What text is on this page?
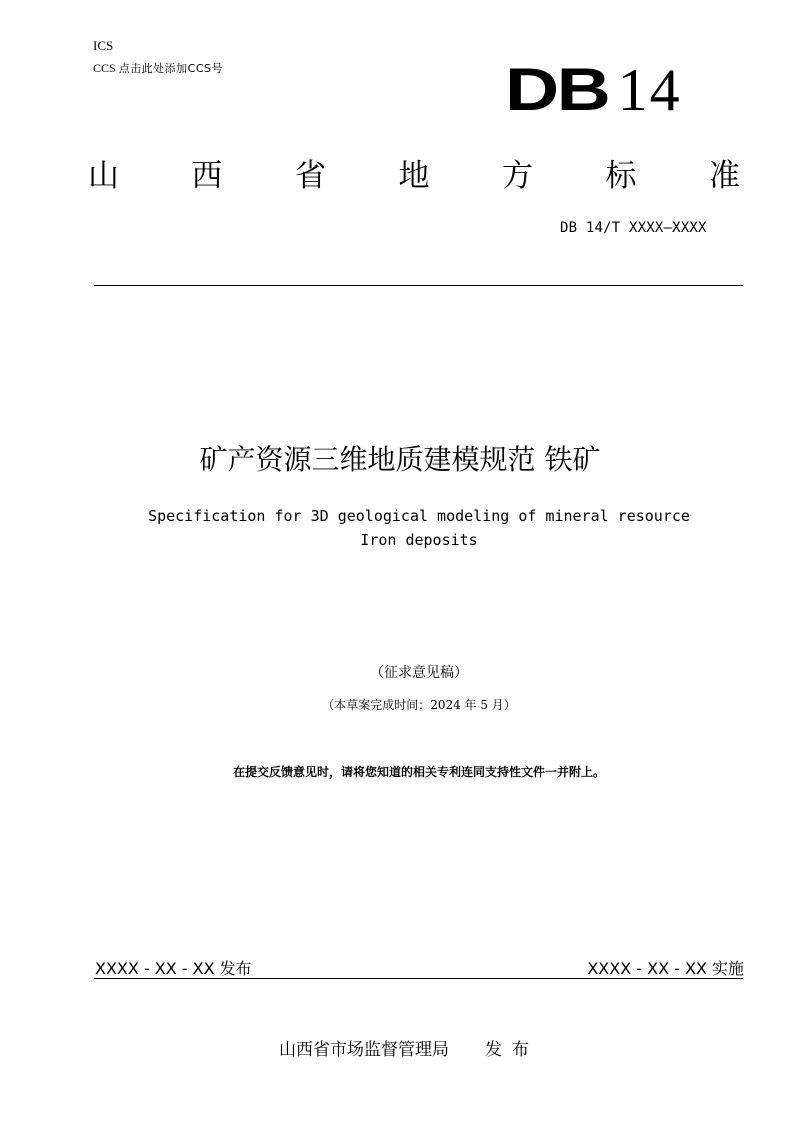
ICS
CCS 点击此处添加CCS号	DB 14
山 西 省 地 方 标 准
DB 14/T XXXX—XXXX
矿产资源三维地质建模规范 铁矿
Specification for 3D geological modeling of mineral resource
Iron deposits
（征求意见稿）
（本草案完成时间：2024 年 5 月）
在提交反馈意见时，请将您知道的相关专利连同支持性文件一并附上。
XXXX - XX - XX 发布	XXXX - XX - XX 实施
山西省市场监督管理局 发布
